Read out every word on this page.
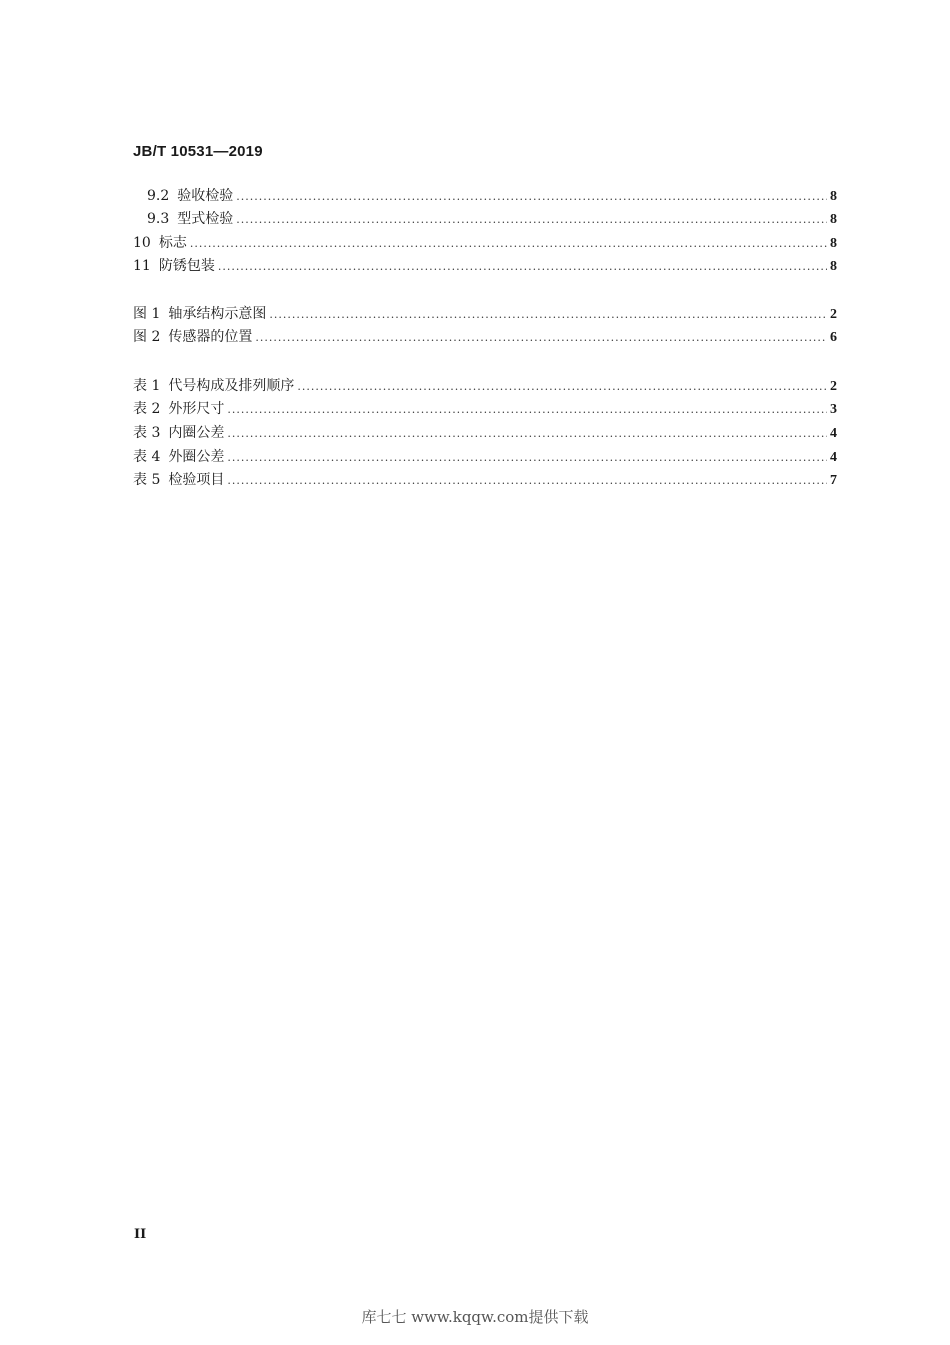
JB/T 10531—2019
9.2 验收检验 .....	8
9.3 型式检验 .....	8
10 标志 .....	8
11 防锈包装 .....	8
图 1 轴承结构示意图 .....	2
图 2 传感器的位置 .....	6
表 1 代号构成及排列顺序 .....	2
表 2 外形尺寸 .....	3
表 3 内圈公差 .....	4
表 4 外圈公差 .....	4
表 5 检验项目 .....	7
II
库七七 www.kqqw.com提供下载
